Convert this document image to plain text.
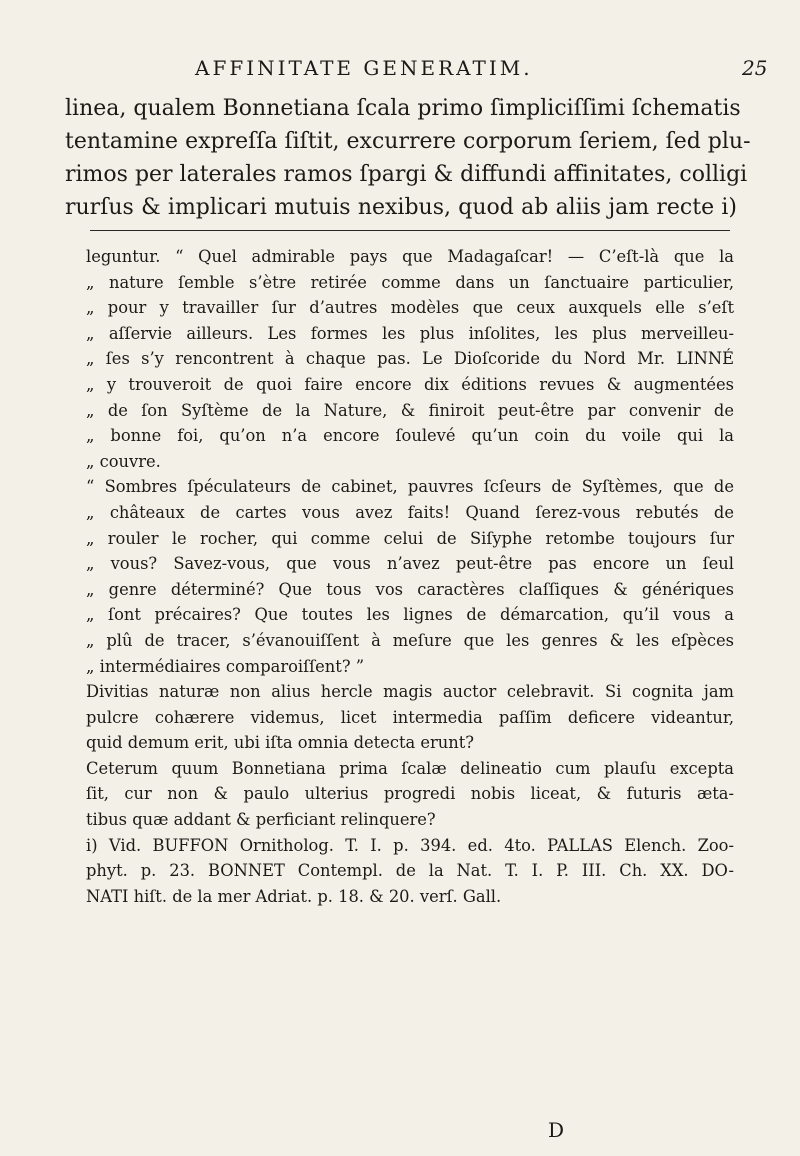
AFFINITATE GENERATIM.	25
linea, qualem Bonnetiana ſcala primo ſimpliciſſimi ſchematis
tentamine expreſſa ſiſtit, excurrere corporum ſeriem, ſed plu-
rimos per laterales ramos ſpargi & diffundi affinitates, colligi
rurſus & implicari mutuis nexibus, quod ab aliis jam recte i)
leguntur. “ Quel admirable pays que Madagaſcar! — C’eſt-là que la
„ nature ſemble s’ètre retirée comme dans un ſanctuaire particulier,
„ pour y travailler ſur d’autres modèles que ceux auxquels elle s’eſt
„ aſſervie ailleurs. Les formes les plus inſolites, les plus merveilleu-
„ ſes s’y rencontrent à chaque pas. Le Dioſcoride du Nord Mr. LINNÉ
„ y trouveroit de quoi faire encore dix éditions revues & augmentées
„ de ſon Syſtème de la Nature, & finiroit peut-être par convenir de
„ bonne foi, qu’on n’a encore ſoulevé qu’un coin du voile qui la
„ couvre.
“ Sombres ſpéculateurs de cabinet, pauvres ſcſeurs de Syſtèmes, que de
„ châteaux de cartes vous avez faits! Quand ſerez-vous rebutés de
„ rouler le rocher, qui comme celui de Siſyphe retombe toujours ſur
„ vous? Savez-vous, que vous n’avez peut-être pas encore un ſeul
„ genre déterminé? Que tous vos caractères claſſiques & génériques
„ ſont précaires? Que toutes les lignes de démarcation, qu’il vous a
„ plû de tracer, s’évanouiſſent à meſure que les genres & les eſpèces
„ intermédiaires comparoiſſent? ”
Divitias naturæ non alius hercle magis auctor celebravit. Si cognita jam
pulcre cohærere videmus, licet intermedia paſſim deficere videantur,
quid demum erit, ubi iſta omnia detecta erunt?
Ceterum quum Bonnetiana prima ſcalæ delineatio cum plauſu excepta
ſit, cur non & paulo ulterius progredi nobis liceat, & futuris æta-
tibus quæ addant & perficiant relinquere?
i) Vid. BUFFON Ornitholog. T. I. p. 394. ed. 4to. PALLAS Elench. Zoo-
phyt. p. 23. BONNET Contempl. de la Nat. T. I. P. III. Ch. XX. DO-
NATI hiſt. de la mer Adriat. p. 18. & 20. verſ. Gall.
D
